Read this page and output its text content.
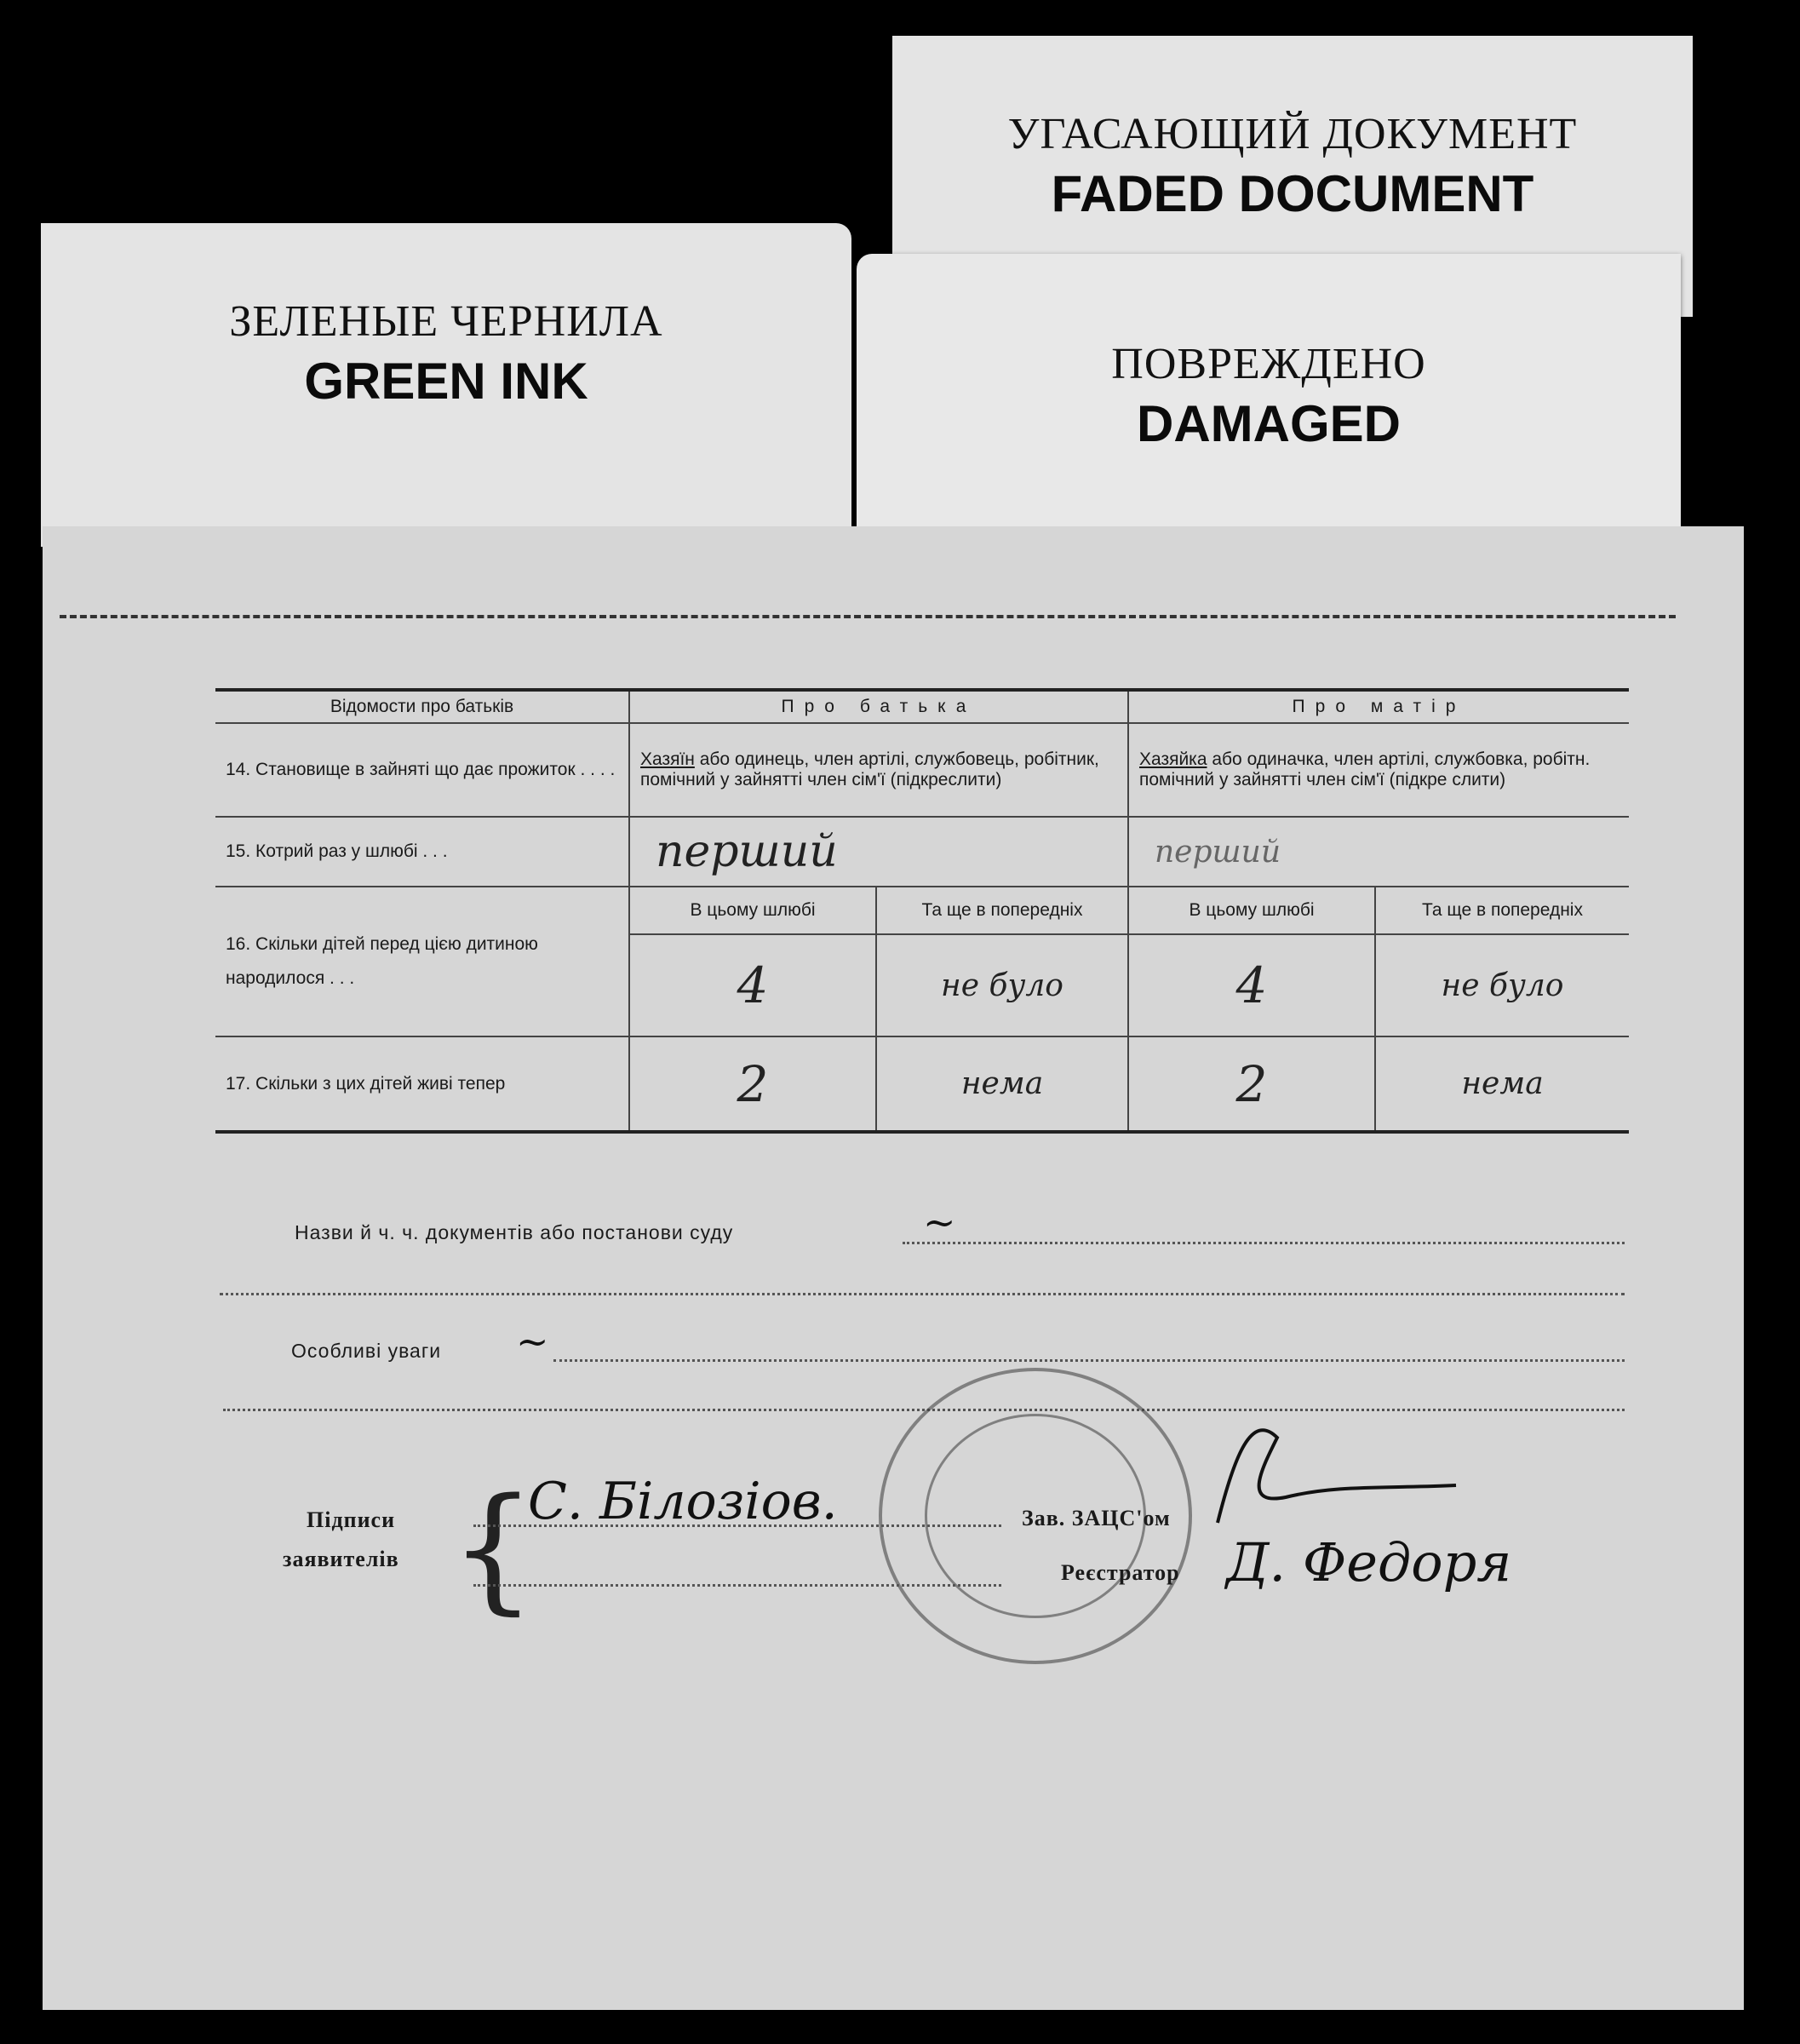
ЗЕЛЕНЫЕ ЧЕРНИЛА
GREEN INK
УГАСАЮЩИЙ ДОКУМЕНТ
FADED DOCUMENT
ПОВРЕЖДЕНО
DAMAGED
Відомости про батьків	Про батька		Про матір	
14. Становище в зайняті що дає прожиток . . . .	Хазяїн або одинець, член артілі, службовець, робітник, помічний у зайнятті член сім'ї (підкреслити)		Хазяйка або одиначка, член артілі, службовка, робітн. помічний у зайнятті член сім'ї (підкре слити)	
15. Котрий раз у шлюбі . . .	перший		перший	
16. Скільки дітей перед цією дитиною народилося . . .	В цьому шлюбі	Та ще в попередніх	В цьому шлюбі	Та ще в попередніх
	4	не було	4	не було
17. Скільки з цих дітей живі тепер	2	нема	2	нема
Назви й ч. ч. документів або постанови суду	~
Особливі уваги ~
Підписи
заявителів {
С. Білозіов.	Зав. ЗАЦС'ом
Реєстратор Д. Федоря
